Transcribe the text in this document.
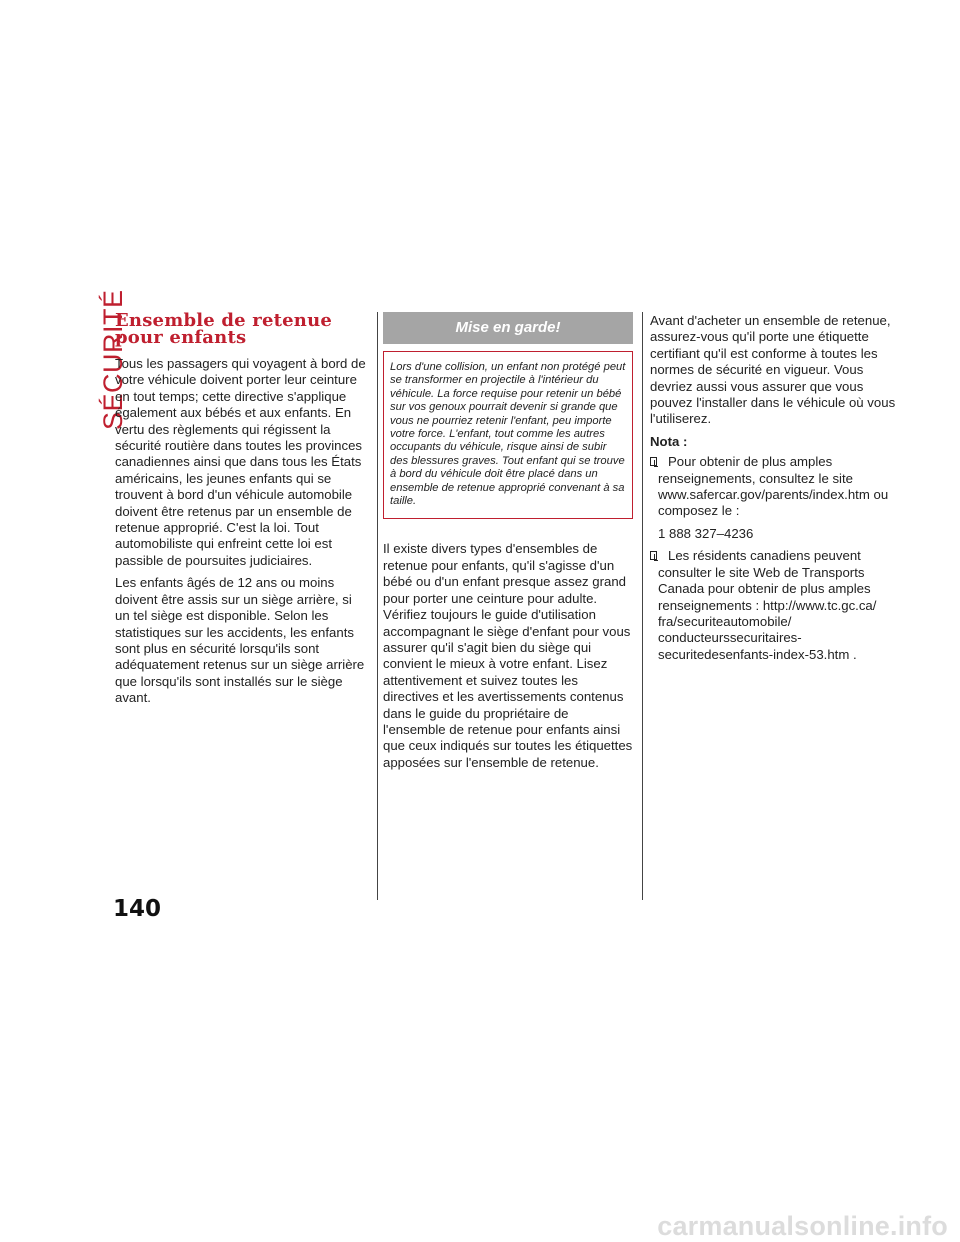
SÉCURITÉ
Ensemble de retenue
pour enfants

Tous les passagers qui voyagent à bord de votre véhicule doivent porter leur ceinture en tout temps; cette directive s'applique également aux bébés et aux enfants. En vertu des règlements qui régissent la sécurité routière dans toutes les provinces canadiennes ainsi que dans tous les États américains, les jeunes enfants qui se trouvent à bord d'un véhicule automobile doivent être retenus par un ensemble de retenue approprié. C'est la loi. Tout automobiliste qui enfreint cette loi est passible de poursuites judiciaires.

Les enfants âgés de 12 ans ou moins doivent être assis sur un siège arrière, si un tel siège est disponible. Selon les statistiques sur les accidents, les enfants sont plus en sécurité lorsqu'ils sont adéquatement retenus sur un siège arrière que lorsqu'ils sont installés sur le siège avant.

Mise en garde!
Lors d'une collision, un enfant non protégé peut se transformer en projectile à l'intérieur du véhicule. La force requise pour retenir un bébé sur vos genoux pourrait devenir si grande que vous ne pourriez retenir l'enfant, peu importe votre force. L'enfant, tout comme les autres occupants du véhicule, risque ainsi de subir des blessures graves. Tout enfant qui se trouve à bord du véhicule doit être placé dans un ensemble de retenue approprié convenant à sa taille.

Il existe divers types d'ensembles de retenue pour enfants, qu'il s'agisse d'un bébé ou d'un enfant presque assez grand pour porter une ceinture pour adulte. Vérifiez toujours le guide d'utilisation accompagnant le siège d'enfant pour vous assurer qu'il s'agit bien du siège qui convient le mieux à votre enfant. Lisez attentivement et suivez toutes les directives et les avertissements contenus dans le guide du propriétaire de l'ensemble de retenue pour enfants ainsi que ceux indiqués sur toutes les étiquettes apposées sur l'ensemble de retenue.

Avant d'acheter un ensemble de retenue, assurez-vous qu'il porte une étiquette certifiant qu'il est conforme à toutes les normes de sécurité en vigueur. Vous devriez aussi vous assurer que vous pouvez l'installer dans le véhicule où vous l'utiliserez.

Nota :

Pour obtenir de plus amples renseignements, consultez le site www.safercar.gov/parents/index.htm ou composez le :

1 888 327–4236

Les résidents canadiens peuvent consulter le site Web de Transports Canada pour obtenir de plus amples renseignements : http://www.tc.gc.ca/ fra/securiteautomobile/ conducteurssecuritaires- securitedesenfants-index-53.htm .

140
carmanualsonline.info
